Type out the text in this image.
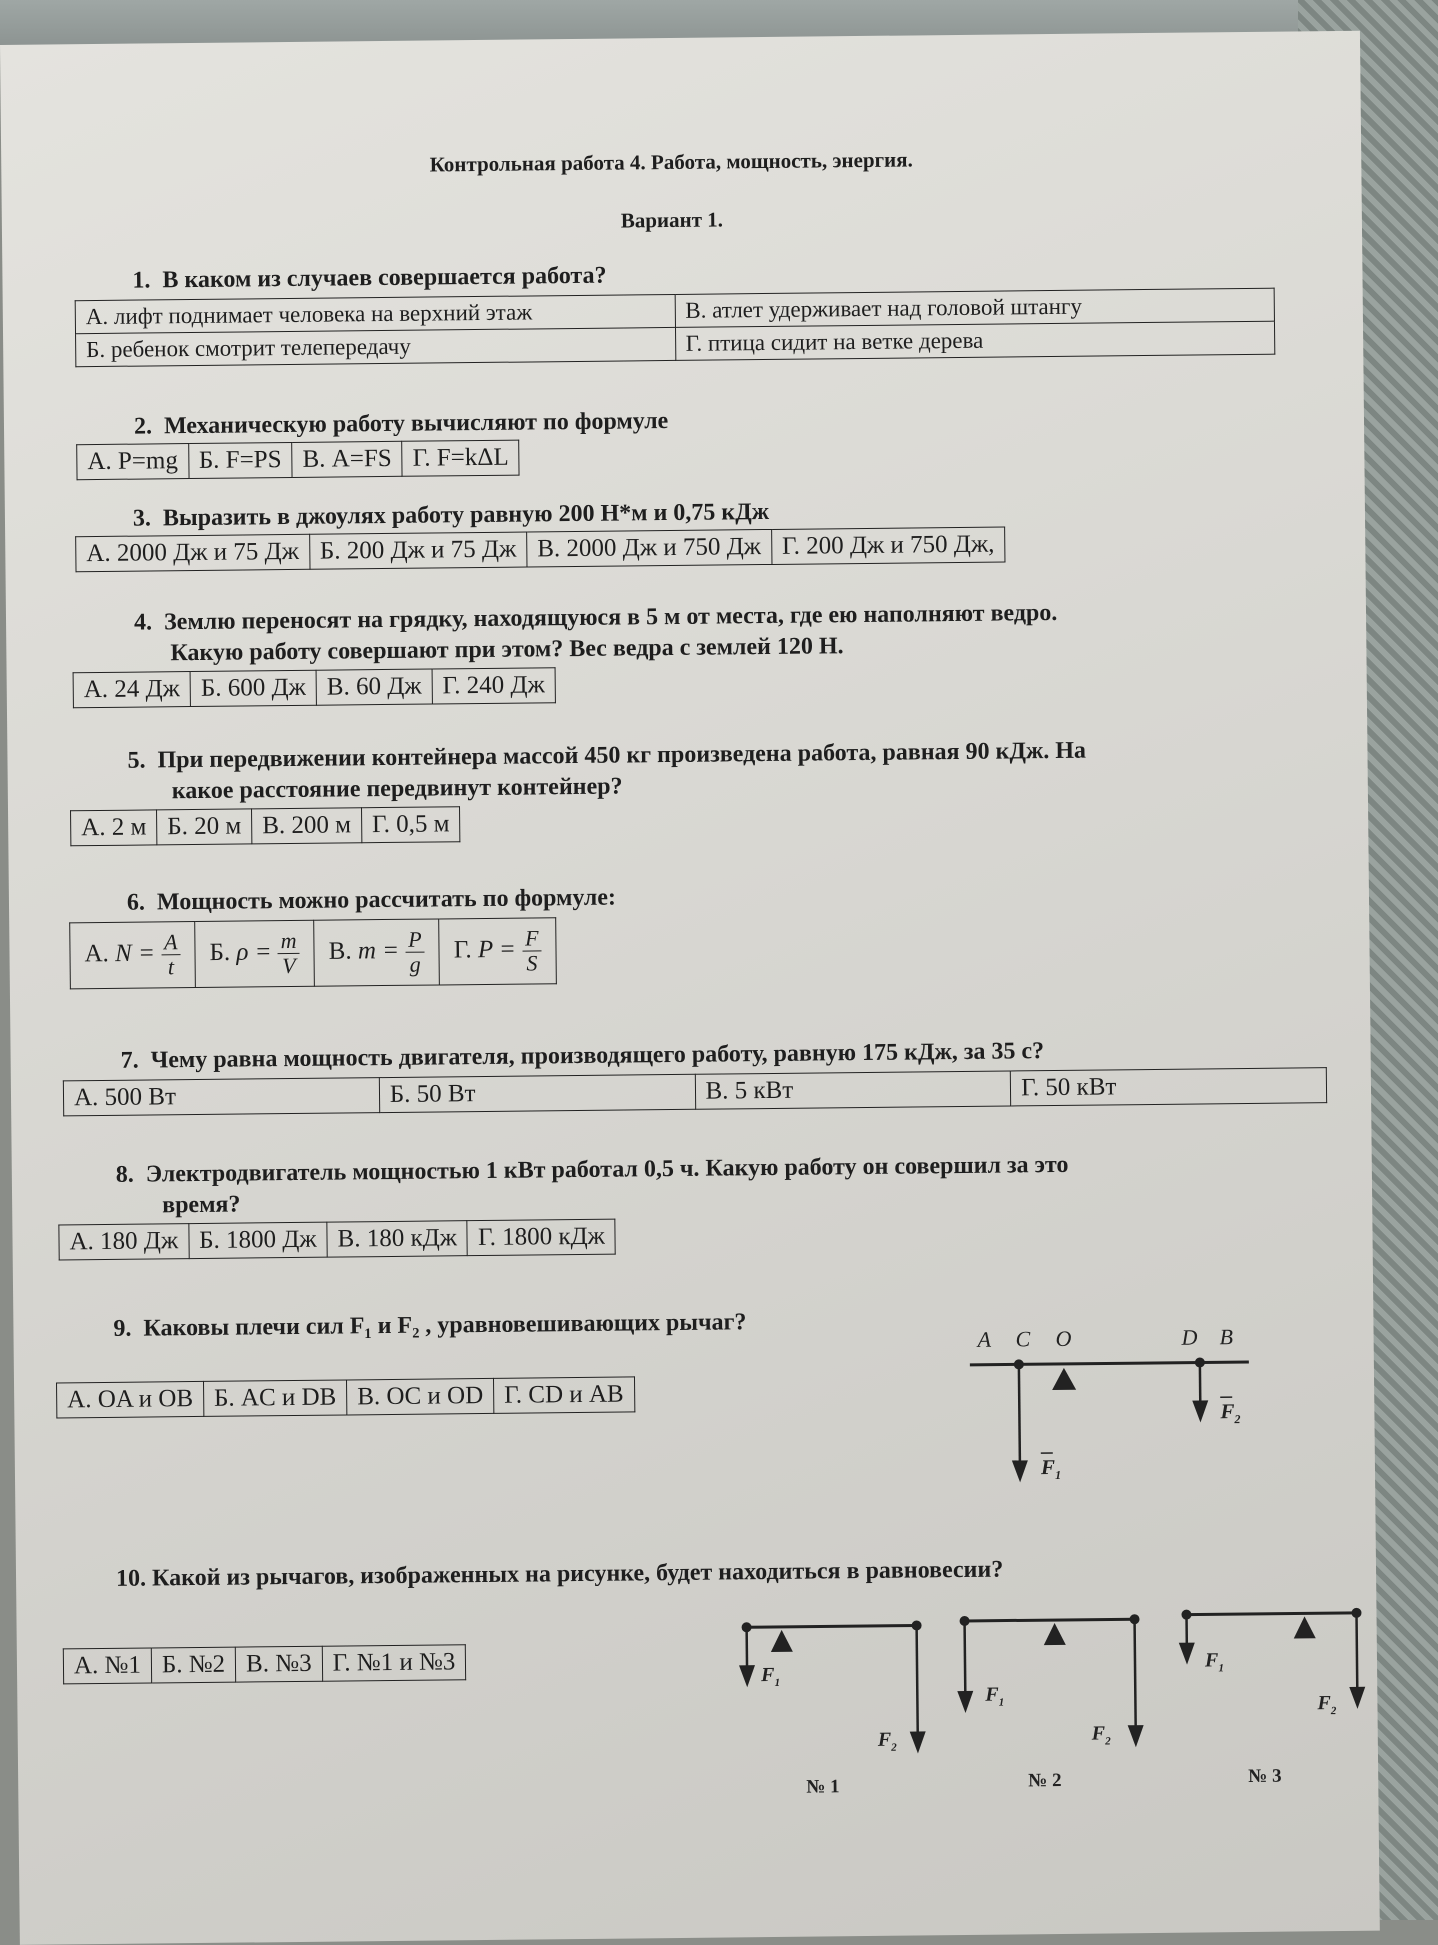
Контрольная работа 4. Работа, мощность, энергия.
Вариант 1.
1. В каком из случаев совершается работа?
А. лифт поднимает человека на верхний этаж	В. атлет удерживает над головой штангу
Б. ребенок смотрит телепередачу	Г. птица сидит на ветке дерева
2. Механическую работу вычисляют по формуле
А. P=mg	Б. F=PS	В. A=FS	Г. F=kΔL
3. Выразить в джоулях работу равную 200 Н*м и 0,75 кДж
А. 2000 Дж и 75 Дж	Б. 200 Дж и 75 Дж	В. 2000 Дж и 750 Дж	Г. 200 Дж и 750 Дж,
4. Землю переносят на грядку, находящуюся в 5 м от места, где ею наполняют ведро.
Какую работу совершают при этом? Вес ведра с землей 120 Н.
А. 24 Дж	Б. 600 Дж	В. 60 Дж	Г. 240 Дж
5. При передвижении контейнера массой 450 кг произведена работа, равная 90 кДж. На
какое расстояние передвинут контейнер?
А. 2 м	Б. 20 м	В. 200 м	Г. 0,5 м
6. Мощность можно рассчитать по формуле:
А. $N = \frac{A}{t}$	Б. $\rho = \frac{m}{V}$	В. $m = \frac{P}{g}$	Г. $P = \frac{F}{S}$
7. Чему равна мощность двигателя, производящего работу, равную 175 кДж, за 35 с?
А. 500 Вт	Б. 50 Вт	В. 5 кВт	Г. 50 кВт
8. Электродвигатель мощностью 1 кВт работал 0,5 ч. Какую работу он совершил за это
время?
А. 180 Дж	Б. 1800 Дж	В. 180 кДж	Г. 1800 кДж
9. Каковы плечи сил F₁ и F₂ , уравновешивающих рычаг?
А. OA и OB	Б. AC и DB	В. OC и OD	Г. CD и AB
A C O	D B
$F_1$
$F_2$
10. Какой из рычагов, изображенных на рисунке, будет находиться в равновесии?
А. №1	Б. №2	В. №3	Г. №1 и №3	$F_1$
$F_2$
№ 1
$F_1$
$F_2$
№ 2
$F_1$
$F_2$
№ 3
